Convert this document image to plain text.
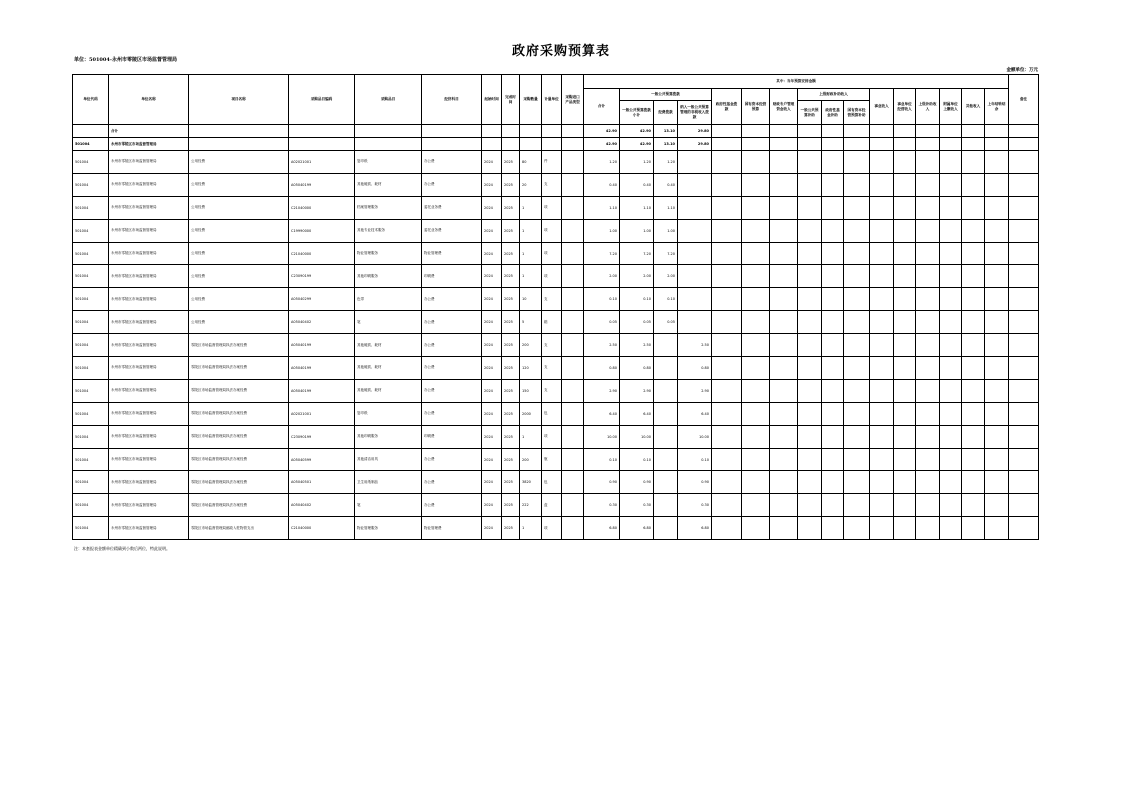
政府采购预算表
单位：501004-永州市零陵区市场监督管理局
金额单位：万元
单位代码	单位名称	项目名称	采购品目编码	采购品目	经济科目	起始时间	完成时间	采购数量	计量单位	采购进口产品类型	其中：当年预算安排金额																备注
											合计	一般公共预算拨款			政府性基金拨款	国有资本经营预算	财政专户管理资金收入	上级财政补助收入			事业收入	事业单位经营收入	上级补助收入	附属单位上缴收入	其他收入	上年结转结余	
												一般公共预算拨款小计	经费拨款	纳入一般公共预算管理的非税收入拨款				一般公共预算补助	政府性基金补助	国有资本经营预算补助							
	合计										42.90	42.90	13.10	29.80													
501004	永州市零陵区市场监督管理局										42.90	42.90	13.10	29.80													
501004	永州市零陵区市场监督管理局	公用经费	A02021001	复印纸	办公费	2024	2025	80	件		1.20	1.20	1.20														
501004	永州市零陵区市场监督管理局	公用经费	A05040199	其他硬质、耗材	办公费	2024	2025	20	支		0.40	0.40	0.40														
501004	永州市零陵区市场监督管理局	公用经费	C21040000	档案管理服务	委托业务费	2024	2025	1	项		1.10	1.10	1.10														
501004	永州市零陵区市场监督管理局	公用经费	C19990000	其他专业技术服务	委托业务费	2024	2025	1	项		1.00	1.00	1.00														
501004	永州市零陵区市场监督管理局	公用经费	C21040000	物业管理服务	物业管理费	2024	2025	1	项		7.20	7.20	7.20														
501004	永州市零陵区市场监督管理局	公用经费	C23090199	其他印刷服务	印刷费	2024	2025	1	项		2.00	2.00	2.00														
501004	永州市零陵区市场监督管理局	公用经费	A05040299	色带	办公费	2024	2025	10	支		0.10	0.10	0.10														
501004	永州市零陵区市场监督管理局	公用经费	A05040402	笔	办公费	2024	2025	5	箱		0.05	0.05	0.05														
501004	永州市零陵区市场监督管理局	零陵区市场监督管理局执法办案经费	A05040199	其他硬质、耗材	办公费	2024	2025	200	支		2.50	2.50		2.50													
501004	永州市零陵区市场监督管理局	零陵区市场监督管理局执法办案经费	A05040199	其他硬质、耗材	办公费	2024	2025	120	支		0.80	0.80		0.80													
501004	永州市零陵区市场监督管理局	零陵区市场监督管理局执法办案经费	A05040199	其他硬质、耗材	办公费	2024	2025	150	支		2.90	2.90		2.90													
501004	永州市零陵区市场监督管理局	零陵区市场监督管理局执法办案经费	A02021001	复印纸	办公费	2024	2025	2000	包		6.40	6.40		6.40													
501004	永州市零陵区市场监督管理局	零陵区市场监督管理局执法办案经费	C23090199	其他印刷服务	印刷费	2024	2025	1	项		10.00	10.00		10.00													
501004	永州市零陵区市场监督管理局	零陵区市场监督管理局执法办案经费	A05040599	其他清洁用具	办公费	2024	2025	200	瓶		0.10	0.10		0.10													
501004	永州市零陵区市场监督管理局	零陵区市场监督管理局执法办案经费	A05040501	卫生用纸制品	办公费	2024	2025	3820	包		0.90	0.90		0.90													
501004	永州市零陵区市场监督管理局	零陵区市场监督管理局执法办案经费	A05040402	笔	办公费	2024	2025	222	盒		0.30	0.30		0.30													
501004	永州市零陵区市场监督管理局	零陵区市场监督管理局邮政入驻物管支出	C21040000	物业管理服务	物业管理费	2024	2025	1	项		6.80	6.80		6.80													
注：本套报表金额单位精确到小数后两位，特此说明。
